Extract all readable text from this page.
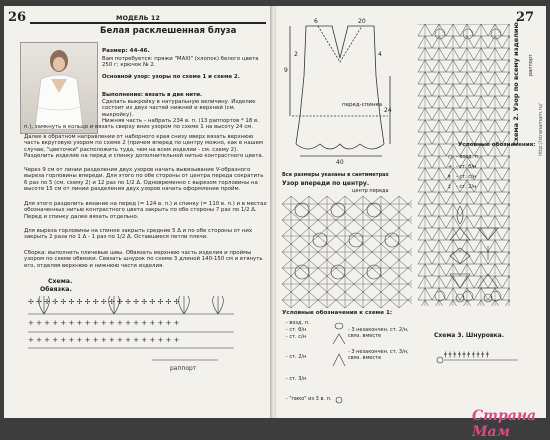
26	МОДЕЛЬ 12

Белая расклешенная блуза

Размер: 44-46.

Вам потребуется: пряжи "MAXI" (хлопок) белого цвета 250 г; крючок № 2.

Основной узор: узоры по схеме 1 и схеме 2.

Выполнение: вязать в две нити.

Сделать выкройку в натуральную величину. Изделие состоит из двух частей нижней и верхней (см. выкройку).

Нижняя часть – набрать 234 в. п. (13 раппортов * 18 в. п.), замкнуть в кольцо и вязать сверху вниз узором по схеме 1 на высоту 24 см.

Далее в обратном направлении от наборного края снизу вверх вязать верхнюю часть вкруговую узором по схеме 2 (причем вперед по центру можно, как в нашем случае, "цветочки" расположить туда, чем на всем изделии - см. схему 2). Разделить изделие на перед и спинку дополнительной нитью контрастного цвета.

Через 9 см от линии разделения двух узоров начать вывязывание V-образного выреза горловины впереди. Для этого по обе стороны от центра переда сократить 6 раз по 5 (см. схему 2) и 12 раз по 1/2 Δ. Одновременно с вырезом горловины на высоте 15 см от линии разделения двух узоров начать оформление пройм.

Для этого разделить вязание на перед (= 124 в. п.) и спинку (= 110 в. п.) и в местах обозначенных нитью контрастного цвета закрыть по обе стороны 7 раз по 1/2 Δ. Перед и спинку далее вязать отдельно.

Для выреза горловины на спинке закрыть средние 5 Δ и по обе стороны от них закрыть 2 раза по 1 Δ - 1 раз по 1/2 Δ. Оставшиеся петли плечи.

Сборка: выполнить плечевые швы. Обвязать верхнюю часть изделия и проймы узором по схеме обвязки. Связать шнурок по схеме 3 длиной 140-150 см и втянуть его, отделяя верхнюю и нижнюю части изделия.

Схема.

Обвязка.

✢ ✢ ✢ ✢ ✢ ✢ ✢ ✢ ✢ ✢ ✢ ✢ ✢ ✢ ✢ ✢ ✢ ✢ ✢
+ + + + + + + + + + + + + + + + + + +
+ + + + + + + + + + + + + + + + + + +
раппорт

27

6	20
9
40
24
4
2
перед-спинка

Все размеры указаны в сантиметрах

Узор впереди по центру.

центр переда

Схема 2. Узор по всему изделию. раппорт

http://stranamam.ru/

Условные обозначения:

○ - возд. п.

+ - ст. б/н

ǂ - ст. с/н

‡ - ст. 2/н

Условные обозначения к схеме 1:

- возд. п.

- ст. б/н

- ст. с/н

- ст. 2/н

- ст. 3/н

- "пико" из 3 в. п.

- 3 незакончен. ст. 2/н, связ. вместе

- 3 незакончен. ст. 3/н, связ. вместе

Схема 3. Шнуровка.

ǂ ǂ ǂ ǂ ǂ ǂ ǂ ǂ ǂ ǂ

Страна Мам
